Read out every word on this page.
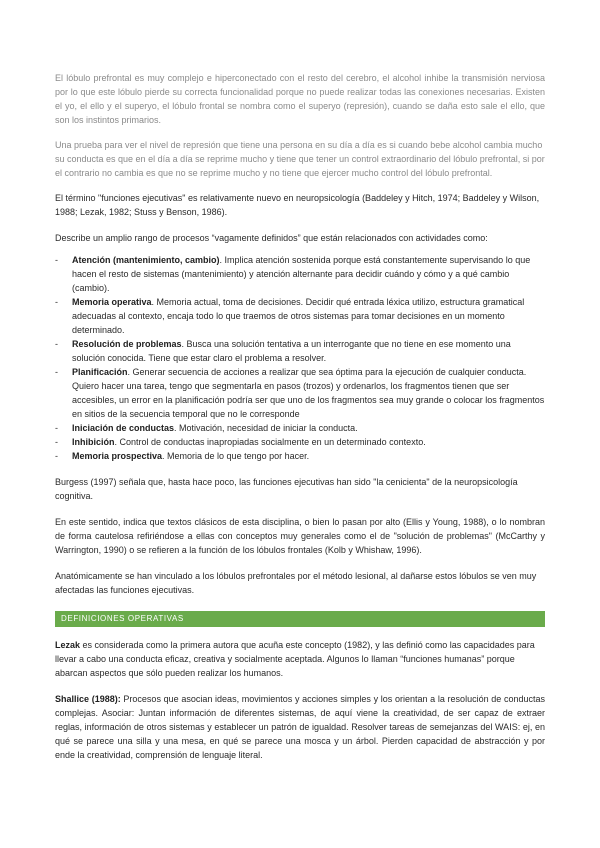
El lóbulo prefrontal es muy complejo e hiperconectado con el resto del cerebro, el alcohol inhibe la transmisión nerviosa por lo que este lóbulo pierde su correcta funcionalidad porque no puede realizar todas las conexiones necesarias. Existen el yo, el ello y el superyo, el lóbulo frontal se nombra como el superyo (represión), cuando se daña esto sale el ello, que son los instintos primarios.

Una prueba para ver el nivel de represión que tiene una persona en su día a día es si cuando bebe alcohol cambia mucho su conducta es que en el día a día se reprime mucho y tiene que tener un control extraordinario del lóbulo prefrontal, si por el contrario no cambia es que no se reprime mucho y no tiene que ejercer mucho control del lóbulo prefrontal.

El término "funciones ejecutivas" es relativamente nuevo en neuropsicología (Baddeley y Hitch, 1974; Baddeley y Wilson, 1988; Lezak, 1982; Stuss y Benson, 1986).

Describe un amplio rango de procesos “vagamente definidos” que están relacionados con actividades como:

- Atención (mantenimiento, cambio). Implica atención sostenida porque está constantemente supervisando lo que hacen el resto de sistemas (mantenimiento) y atención alternante para decidir cuándo y cómo y a qué cambio (cambio).
- Memoria operativa. Memoria actual, toma de decisiones. Decidir qué entrada léxica utilizo, estructura gramatical adecuadas al contexto, encaja todo lo que traemos de otros sistemas para tomar decisiones en un momento determinado.
- Resolución de problemas. Busca una solución tentativa a un interrogante que no tiene en ese momento una solución conocida. Tiene que estar claro el problema a resolver.
- Planificación. Generar secuencia de acciones a realizar que sea óptima para la ejecución de cualquier conducta. Quiero hacer una tarea, tengo que segmentarla en pasos (trozos) y ordenarlos, los fragmentos tienen que ser accesibles, un error en la planificación podría ser que uno de los fragmentos sea muy grande o colocar los fragmentos en sitios de la secuencia temporal que no le corresponde
- Iniciación de conductas. Motivación, necesidad de iniciar la conducta.
- Inhibición. Control de conductas inapropiadas socialmente en un determinado contexto.
- Memoria prospectiva. Memoria de lo que tengo por hacer.

Burgess (1997) señala que, hasta hace poco, las funciones ejecutivas han sido "la cenicienta" de la neuropsicología cognitiva.

En este sentido, indica que textos clásicos de esta disciplina, o bien lo pasan por alto (Ellis y Young, 1988), o lo nombran de forma cautelosa refiriéndose a ellas con conceptos muy generales como el de "solución de problemas" (McCarthy y Warrington, 1990) o se refieren a la función de los lóbulos frontales (Kolb y Whishaw, 1996).

Anatómicamente se han vinculado a los lóbulos prefrontales por el método lesional, al dañarse estos lóbulos se ven muy afectadas las funciones ejecutivas.

DEFINICIONES OPERATIVAS

Lezak es considerada como la primera autora que acuña este concepto (1982), y las definió como las capacidades para llevar a cabo una conducta eficaz, creativa y socialmente aceptada. Algunos lo llaman “funciones humanas” porque abarcan aspectos que sólo pueden realizar los humanos.

Shallice (1988): Procesos que asocian ideas, movimientos y acciones simples y los orientan a la resolución de conductas complejas. Asociar: Juntan información de diferentes sistemas, de aquí viene la creatividad, de ser capaz de extraer reglas, información de otros sistemas y establecer un patrón de igualdad. Resolver tareas de semejanzas del WAIS: ej, en qué se parece una silla y una mesa, en qué se parece una mosca y un árbol. Pierden capacidad de abstracción y por ende la creatividad, comprensión de lenguaje literal.
